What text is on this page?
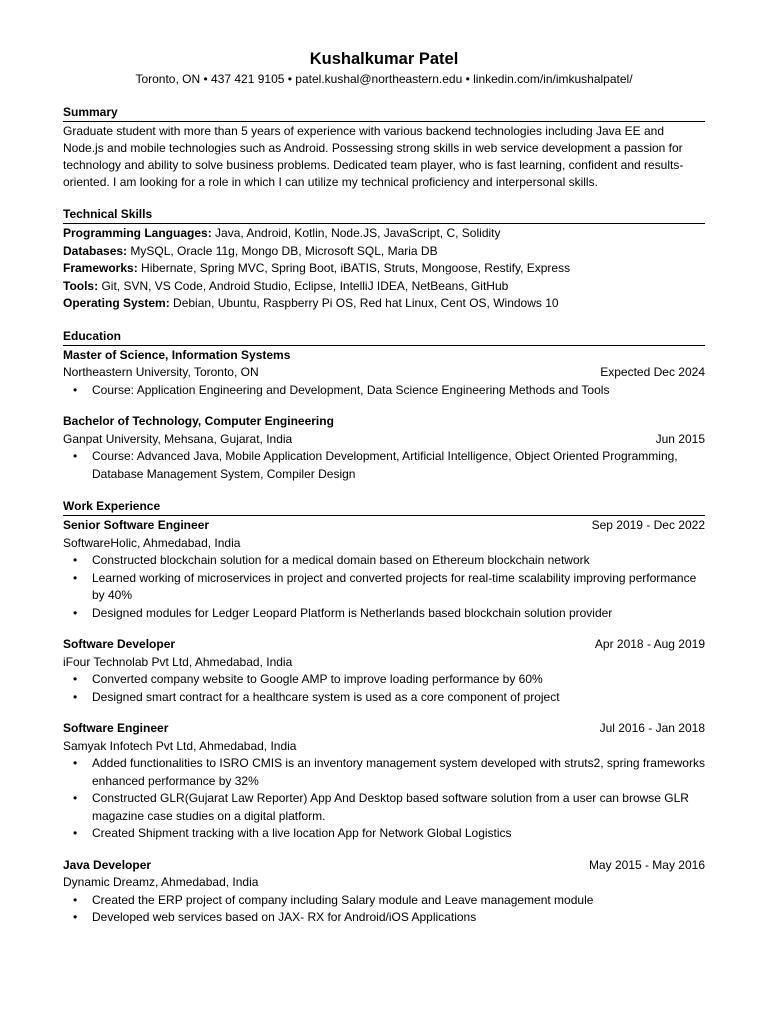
Kushalkumar Patel
Toronto, ON • 437 421 9105 • patel.kushal@northeastern.edu • linkedin.com/in/imkushalpatel/
Summary
Graduate student with more than 5 years of experience with various backend technologies including Java EE and Node.js and mobile technologies such as Android. Possessing strong skills in web service development a passion for technology and ability to solve business problems. Dedicated team player, who is fast learning, confident and results-oriented. I am looking for a role in which I can utilize my technical proficiency and interpersonal skills.
Technical Skills
Programming Languages: Java, Android, Kotlin, Node.JS, JavaScript, C, Solidity
Databases: MySQL, Oracle 11g, Mongo DB, Microsoft SQL, Maria DB
Frameworks: Hibernate, Spring MVC, Spring Boot, iBATIS, Struts, Mongoose, Restify, Express
Tools: Git, SVN, VS Code, Android Studio, Eclipse, IntelliJ IDEA, NetBeans, GitHub
Operating System: Debian, Ubuntu, Raspberry Pi OS, Red hat Linux, Cent OS, Windows 10
Education
Master of Science, Information Systems
Northeastern University, Toronto, ON	Expected Dec 2024
• Course: Application Engineering and Development, Data Science Engineering Methods and Tools
Bachelor of Technology, Computer Engineering
Ganpat University, Mehsana, Gujarat, India	Jun 2015
• Course: Advanced Java, Mobile Application Development, Artificial Intelligence, Object Oriented Programming, Database Management System, Compiler Design
Work Experience
Senior Software Engineer	Sep 2019 - Dec 2022
SoftwareHolic, Ahmedabad, India
• Constructed blockchain solution for a medical domain based on Ethereum blockchain network
• Learned working of microservices in project and converted projects for real-time scalability improving performance by 40%
• Designed modules for Ledger Leopard Platform is Netherlands based blockchain solution provider
Software Developer	Apr 2018 - Aug 2019
iFour Technolab Pvt Ltd, Ahmedabad, India
• Converted company website to Google AMP to improve loading performance by 60%
• Designed smart contract for a healthcare system is used as a core component of project
Software Engineer	Jul 2016 - Jan 2018
Samyak Infotech Pvt Ltd, Ahmedabad, India
• Added functionalities to ISRO CMIS is an inventory management system developed with struts2, spring frameworks enhanced performance by 32%
• Constructed GLR(Gujarat Law Reporter) App And Desktop based software solution from a user can browse GLR magazine case studies on a digital platform.
• Created Shipment tracking with a live location App for Network Global Logistics
Java Developer	May 2015 - May 2016
Dynamic Dreamz, Ahmedabad, India
• Created the ERP project of company including Salary module and Leave management module
• Developed web services based on JAX- RX for Android/iOS Applications
